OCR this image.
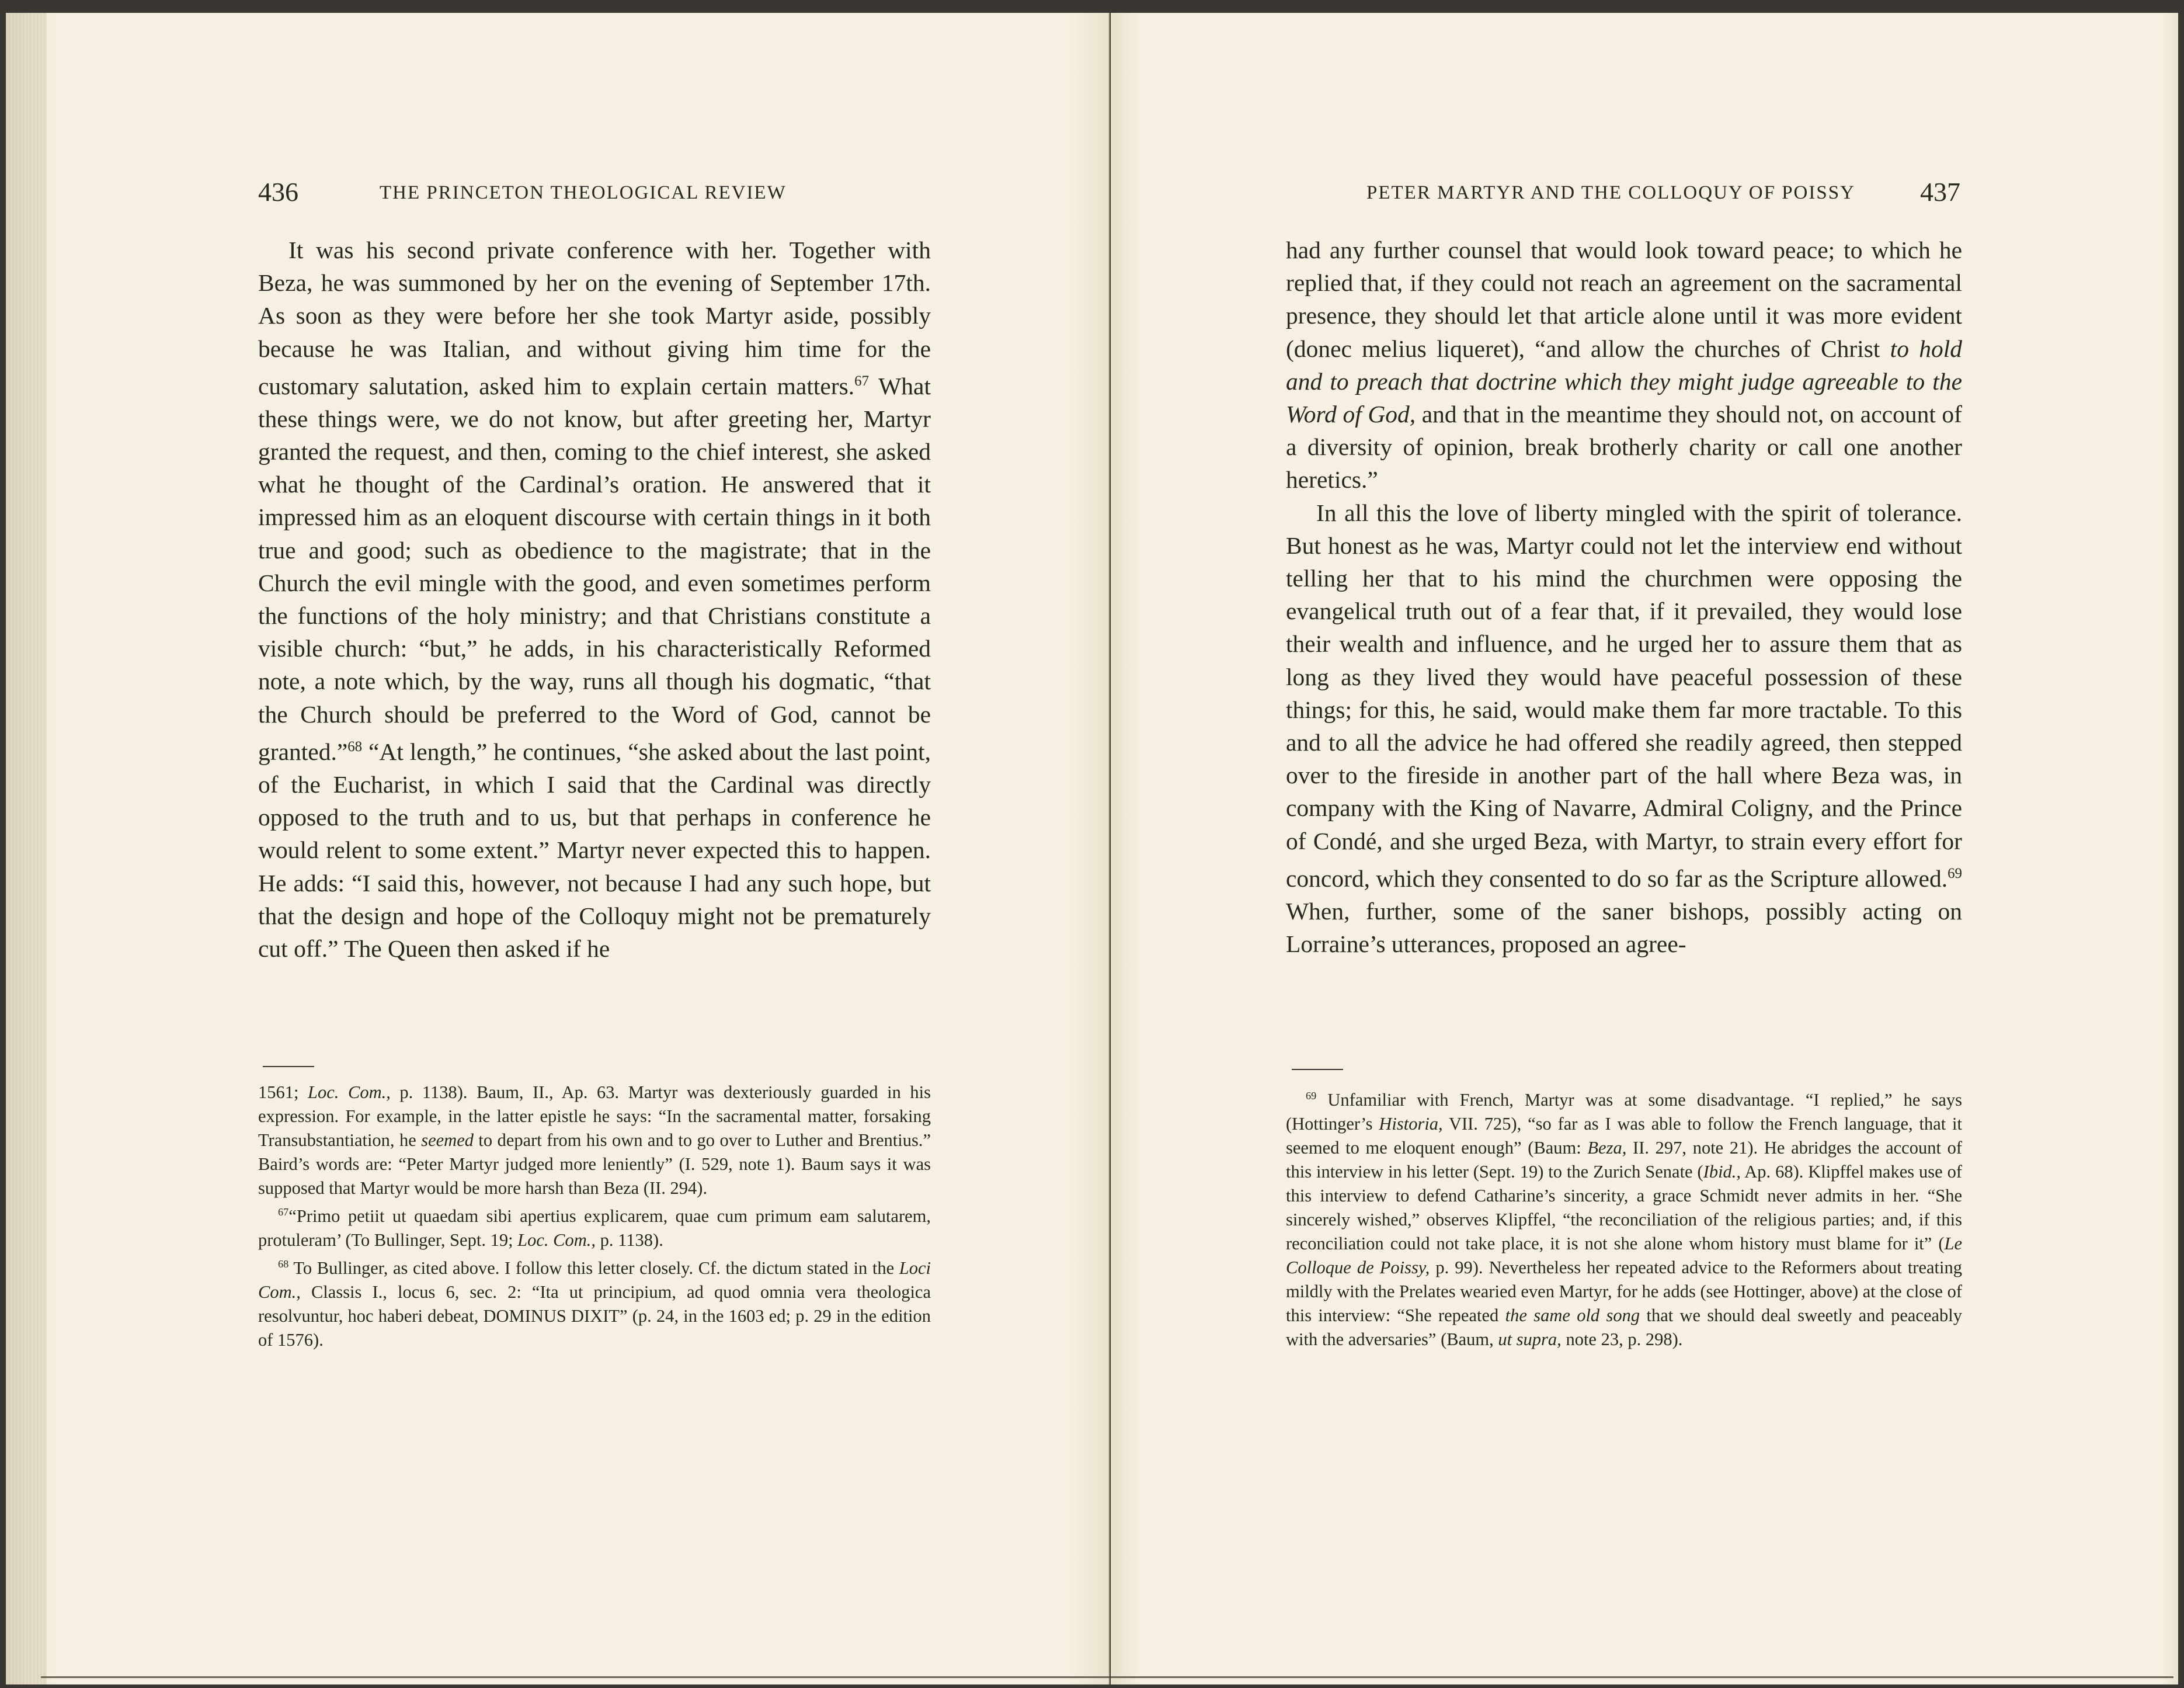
436	THE PRINCETON THEOLOGICAL REVIEW

It was his second private conference with her. Together with Beza, he was summoned by her on the evening of September 17th. As soon as they were before her she took Martyr aside, possibly because he was Italian, and without giving him time for the customary salutation, asked him to explain certain matters.$^{67}$ What these things were, we do not know, but after greeting her, Martyr granted the request, and then, coming to the chief interest, she asked what he thought of the Cardinal’s oration. He answered that it impressed him as an eloquent discourse with certain things in it both true and good; such as obedience to the magistrate; that in the Church the evil mingle with the good, and even sometimes perform the functions of the holy ministry; and that Christians constitute a visible church: “but,” he adds, in his characteristically Reformed note, a note which, by the way, runs all though his dogmatic, “that the Church should be preferred to the Word of God, cannot be granted.”$^{68}$ “At length,” he continues, “she asked about the last point, of the Eucharist, in which I said that the Cardinal was directly opposed to the truth and to us, but that perhaps in conference he would relent to some extent.” Martyr never expected this to happen. He adds: “I said this, however, not because I had any such hope, but that the design and hope of the Colloquy might not be prematurely cut off.” The Queen then asked if he

1561; Loc. Com., p. 1138). Baum, II., Ap. 63. Martyr was dexteriously guarded in his expression. For example, in the latter epistle he says: “In the sacramental matter, forsaking Transubstantiation, he seemed to depart from his own and to go over to Luther and Brentius.” Baird’s words are: “Peter Martyr judged more leniently” (I. 529, note 1). Baum says it was supposed that Martyr would be more harsh than Beza (II. 294).

$^{67}$“Primo petiit ut quaedam sibi apertius explicarem, quae cum primum eam salutarem, protuleram’ (To Bullinger, Sept. 19; Loc. Com., p. 1138).

$^{68}$ To Bullinger, as cited above. I follow this letter closely. Cf. the dictum stated in the Loci Com., Classis I., locus 6, sec. 2: “Ita ut principium, ad quod omnia vera theologica resolvuntur, hoc haberi debeat, DOMINUS DIXIT” (p. 24, in the 1603 ed; p. 29 in the edition of 1576).

PETER MARTYR AND THE COLLOQUY OF POISSY 437

had any further counsel that would look toward peace; to which he replied that, if they could not reach an agreement on the sacramental presence, they should let that article alone until it was more evident (donec melius liqueret), “and allow the churches of Christ to hold and to preach that doctrine which they might judge agreeable to the Word of God, and that in the meantime they should not, on account of a diversity of opinion, break brotherly charity or call one another heretics.”

In all this the love of liberty mingled with the spirit of tolerance. But honest as he was, Martyr could not let the interview end without telling her that to his mind the churchmen were opposing the evangelical truth out of a fear that, if it prevailed, they would lose their wealth and influence, and he urged her to assure them that as long as they lived they would have peaceful possession of these things; for this, he said, would make them far more tractable. To this and to all the advice he had offered she readily agreed, then stepped over to the fireside in another part of the hall where Beza was, in company with the King of Navarre, Admiral Coligny, and the Prince of Condé, and she urged Beza, with Martyr, to strain every effort for concord, which they consented to do so far as the Scripture allowed.$^{69}$ When, further, some of the saner bishops, possibly acting on Lorraine’s utterances, proposed an agree-

$^{69}$ Unfamiliar with French, Martyr was at some disadvantage. “I replied,” he says (Hottinger’s Historia, VII. 725), “so far as I was able to follow the French language, that it seemed to me eloquent enough” (Baum: Beza, II. 297, note 21). He abridges the account of this interview in his letter (Sept. 19) to the Zurich Senate (Ibid., Ap. 68). Klipffel makes use of this interview to defend Catharine’s sincerity, a grace Schmidt never admits in her. “She sincerely wished,” observes Klipffel, “the reconciliation of the religious parties; and, if this reconciliation could not take place, it is not she alone whom history must blame for it” (Le Colloque de Poissy, p. 99). Nevertheless her repeated advice to the Reformers about treating mildly with the Prelates wearied even Martyr, for he adds (see Hottinger, above) at the close of this interview: “She repeated the same old song that we should deal sweetly and peaceably with the adversaries” (Baum, ut supra, note 23, p. 298).
